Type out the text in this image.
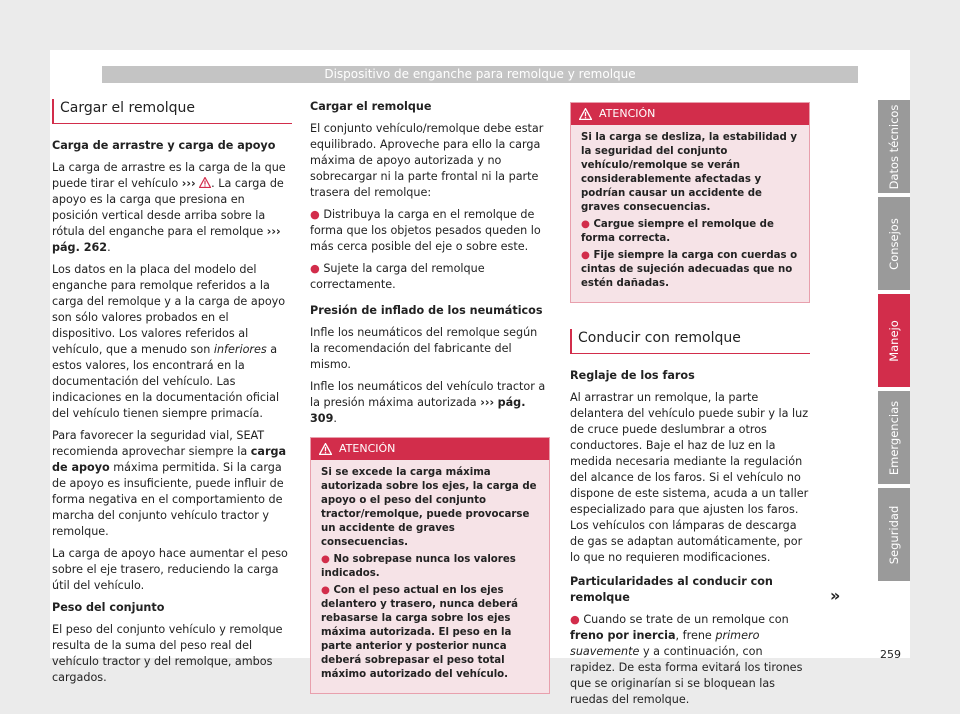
Dispositivo de enganche para remolque y remolque
Cargar el remolque

Carga de arrastre y carga de apoyo

La carga de arrastre es la carga de la que puede tirar el vehículo ››› . La carga de apoyo es la carga que presiona en posición vertical desde arriba sobre la rótula del enganche para el remolque ››› pág. 262.

Los datos en la placa del modelo del enganche para remolque referidos a la carga del remolque y a la carga de apoyo son sólo valores probados en el dispositivo. Los valores referidos al vehículo, que a menudo son inferiores a estos valores, los encontrará en la documentación del vehículo. Las indicaciones en la documentación oficial del vehículo tienen siempre primacía.

Para favorecer la seguridad vial, SEAT recomienda aprovechar siempre la carga de apoyo máxima permitida. Si la carga de apoyo es insuficiente, puede influir de forma negativa en el comportamiento de marcha del conjunto vehículo tractor y remolque.

La carga de apoyo hace aumentar el peso sobre el eje trasero, reduciendo la carga útil del vehículo.

Peso del conjunto

El peso del conjunto vehículo y remolque resulta de la suma del peso real del vehículo tractor y del remolque, ambos cargados.

Cargar el remolque

El conjunto vehículo/remolque debe estar equilibrado. Aproveche para ello la carga máxima de apoyo autorizada y no sobrecargar ni la parte frontal ni la parte trasera del remolque:

● Distribuya la carga en el remolque de forma que los objetos pesados queden lo más cerca posible del eje o sobre este.

● Sujete la carga del remolque correctamente.

Presión de inflado de los neumáticos

Infle los neumáticos del remolque según la recomendación del fabricante del mismo.

Infle los neumáticos del vehículo tractor a la presión máxima autorizada ››› pág. 309.

ATENCIÓN

Si se excede la carga máxima autorizada sobre los ejes, la carga de apoyo o el peso del conjunto tractor/remolque, puede provocarse un accidente de graves consecuencias.

● No sobrepase nunca los valores indicados.

● Con el peso actual en los ejes delantero y trasero, nunca deberá rebasarse la carga sobre los ejes máxima autorizada. El peso en la parte anterior y posterior nunca deberá sobrepasar el peso total máximo autorizado del vehículo.

ATENCIÓN

Si la carga se desliza, la estabilidad y la seguridad del conjunto vehículo/remolque se verán considerablemente afectadas y podrían causar un accidente de graves consecuencias.

● Cargue siempre el remolque de forma correcta.

● Fije siempre la carga con cuerdas o cintas de sujeción adecuadas que no estén dañadas.

Conducir con remolque

Reglaje de los faros

Al arrastrar un remolque, la parte delantera del vehículo puede subir y la luz de cruce puede deslumbrar a otros conductores. Baje el haz de luz en la medida necesaria mediante la regulación del alcance de los faros. Si el vehículo no dispone de este sistema, acuda a un taller especializado para que ajusten los faros. Los vehículos con lámparas de descarga de gas se adaptan automáticamente, por lo que no requieren modificaciones.

Particularidades al conducir con remolque

● Cuando se trate de un remolque con freno por inercia, frene primero suavemente y a continuación, con rapidez. De esta forma evitará los tirones que se originarían si se bloquean las ruedas del remolque.

»
Datos técnicos
Consejos
Manejo
Emergencias
Seguridad
259
